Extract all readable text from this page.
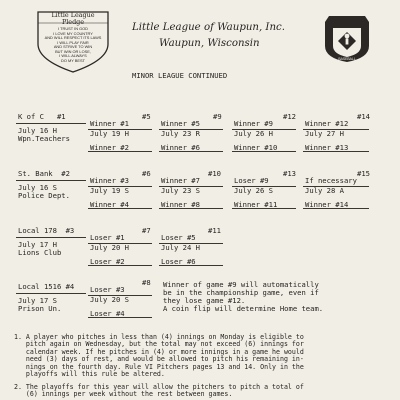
Little League
Pledge
I TRUST IN GOD
I LOVE MY COUNTRY
AND WILL RESPECT ITS LAWS
I WILL PLAY FAIR
AND STRIVE TO WIN
BUT WIN OR LOSE,
I WILL ALWAYS
DO MY BEST
Little League of Waupun, Inc.
Waupun, Wisconsin
MINOR LEAGUE CONTINUED
LITTLE LEAGUE
BASEBALL
K of C   #1
July 16 H
Wpn.Teachers
#5
Winner #1
July 19 H
Winner #2
#9
Winner #5
July 23 R
Winner #6
#12
Winner #9
July 26 H
Winner #10
#14
Winner #12
July 27 H
Winner #13
St. Bank  #2
July 16 S
Police Dept.
#6
Winner #3
July 19 S
Winner #4
#10
Winner #7
July 23 S
Winner #8
#13
Loser #9
July 26 S
Winner #11
#15
If necessary
July 28 A
Winner #14
Local 178  #3
July 17 H
Lions Club
#7
Loser #1
July 20 H
Loser #2
#11
Loser #5
July 24 H
Loser #6
Local 1516 #4
July 17 S
Prison Un.
#8
Loser #3
July 20 S
Loser #4
Winner of game #9 will automatically
be in the championship game, even if
they lose game #12.
A coin flip will determine Home team.
1. A player who pitches in less than (4) innings on Monday is eligible to
pitch again on Wednesday, but the total may not exceed (6) innings for
calendar week. If he pitches in (4) or more innings in a game he would
need (3) days of rest, and would be allowed to pitch his remaining in-
nings on the fourth day. Rule VI Pitchers pages 13 and 14. Only in the
playoffs will this rule be altered.
2. The playoffs for this year will allow the pitchers to pitch a total of
(6) innings per week without the rest between games.
